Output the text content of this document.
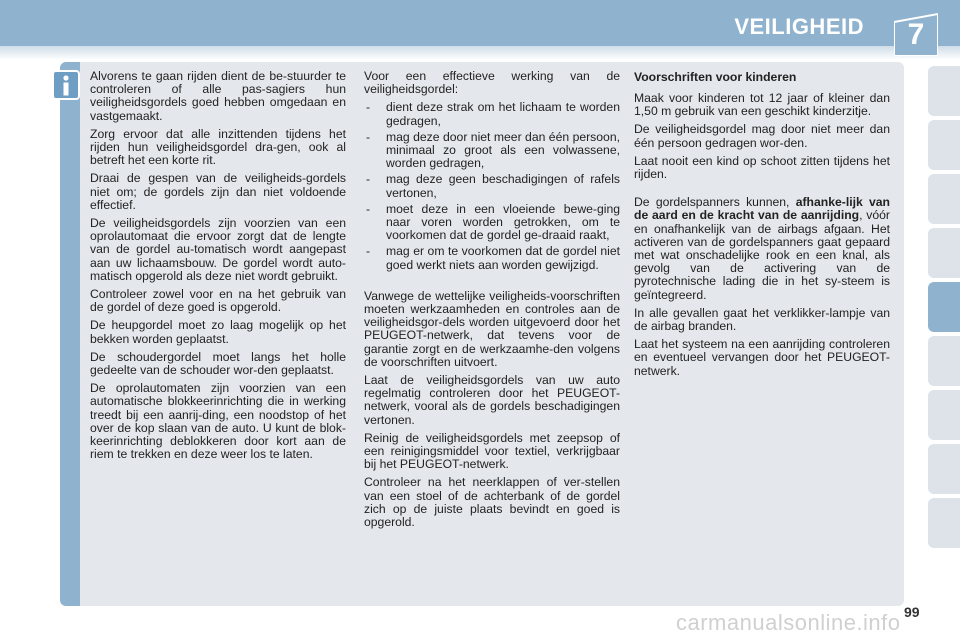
VEILIGHEID	7

Alvorens te gaan rijden dient de be-stuurder te controleren of alle pas-sagiers hun veiligheidsgordels goed hebben omgedaan en vastgemaakt.

Zorg ervoor dat alle inzittenden tijdens het rijden hun veiligheidsgordel dra-gen, ook al betreft het een korte rit.

Draai de gespen van de veiligheids-gordels niet om; de gordels zijn dan niet voldoende effectief.

De veiligheidsgordels zijn voorzien van een oprolautomaat die ervoor zorgt dat de lengte van de gordel au-tomatisch wordt aangepast aan uw lichaamsbouw. De gordel wordt auto-matisch opgerold als deze niet wordt gebruikt.

Controleer zowel voor en na het gebruik van de gordel of deze goed is opgerold.

De heupgordel moet zo laag mogelijk op het bekken worden geplaatst.

De schoudergordel moet langs het holle gedeelte van de schouder wor-den geplaatst.

De oprolautomaten zijn voorzien van een automatische blokkeerinrichting die in werking treedt bij een aanrij-ding, een noodstop of het over de kop slaan van de auto. U kunt de blok-keerinrichting deblokkeren door kort aan de riem te trekken en deze weer los te laten.

Voor een effectieve werking van de veiligheidsgordel:

- dient deze strak om het lichaam te worden gedragen,
- mag deze door niet meer dan één persoon, minimaal zo groot als een volwassene, worden gedragen,
- mag deze geen beschadigingen of rafels vertonen,
- moet deze in een vloeiende bewe-ging naar voren worden getrokken, om te voorkomen dat de gordel ge-draaid raakt,
- mag er om te voorkomen dat de gordel niet goed werkt niets aan worden gewijzigd.

Vanwege de wettelijke veiligheids-voorschriften moeten werkzaamheden en controles aan de veiligheidsgor-dels worden uitgevoerd door het PEUGEOT-netwerk, dat tevens voor de garantie zorgt en de werkzaamhe-den volgens de voorschriften uitvoert.

Laat de veiligheidsgordels van uw auto regelmatig controleren door het PEUGEOT-netwerk, vooral als de gordels beschadigingen vertonen.

Reinig de veiligheidsgordels met zeepsop of een reinigingsmiddel voor textiel, verkrijgbaar bij het PEUGEOT-netwerk.

Controleer na het neerklappen of ver-stellen van een stoel of de achterbank of de gordel zich op de juiste plaats bevindt en goed is opgerold.

Voorschriften voor kinderen

Maak voor kinderen tot 12 jaar of kleiner dan 1,50 m gebruik van een geschikt kinderzitje.

De veiligheidsgordel mag door niet meer dan één persoon gedragen wor-den.

Laat nooit een kind op schoot zitten tijdens het rijden.

De gordelspanners kunnen, afhanke-lijk van de aard en de kracht van de aanrijding, vóór en onafhankelijk van de airbags afgaan. Het activeren van de gordelspanners gaat gepaard met wat onschadelijke rook en een knal, als gevolg van de activering van de pyrotechnische lading die in het sy-steem is geïntegreerd.

In alle gevallen gaat het verklikker-lampje van de airbag branden.

Laat het systeem na een aanrijding controleren en eventueel vervangen door het PEUGEOT-netwerk.

carmanualsonline.info 99
